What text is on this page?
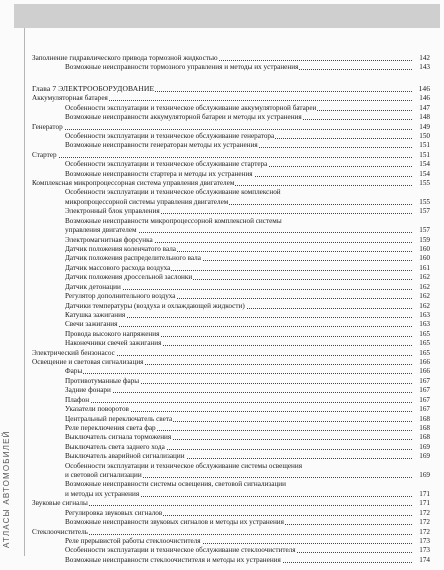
АТЛАСЫ АВТОМОБИЛЕЙ
Заполнение гидравлического привода тормозной жидкостью	142
Возможные неисправности тормозного управления и методы их устранения	143
Глава 7 ЭЛЕКТРООБОРУДОВАНИЕ	146
Аккумуляторная батарея	146
Особенности эксплуатации и техническое обслуживание аккумуляторной батареи	147
Возможные неисправности аккумуляторной батареи и методы их устранения	148
Генератор	149
Особенности эксплуатации и техническое обслуживание генератора	150
Возможные неисправности генераторан методы их устранения	151
Стартер	151
Особенности эксплуатации и техническое обслуживание стартера	154
Возможные неисправности стартера и методы их устранения	154
Комплексная микропроцессорная система управления двигателем	155
Особенности эксплуатации и техническое обслуживание комплексной
микропроцессорной системы управления двигателем	155
Электронный блок управления	157
Возможные неисправности микропроцессорной комплексной системы
управления двигателем	157
Электромагнитная форсунка	159
Датчик положения коленчатого вала	160
Датчик положения распределительного вала	160
Датчик массового расхода воздуха	161
Датчик положения дроссельной заслонки	162
Датчик детонации	162
Регулятор дополнительного воздуха	162
Датчики температуры (воздуха и охлаждающей жидкости)	162
Катушка зажигания	163
Свечи зажигания	163
Провода высокого напряжения	165
Наконечники свечей зажигания	165
Электрический бензонасос	165
Освещение и световая сигнализация	166
Фары	166
Противотуманные фары	167
Задние фонари	167
Плафон	167
Указатели поворотов	167
Центральный переключатель света	168
Реле переключения света фар	168
Выключатель сигнала торможения	168
Выключатель света заднего хода	169
Выключатель аварийной сигнализации	169
Особенности эксплуатации и техническое обслуживание системы освещения
и световой сигнализации	169
Возможные неисправности системы освещения, световой сигнализации
и методы их устранения	171
Звуковые сигналы	171
Регулировка звуковых сигналов	172
Возможные неисправности звуковых сигналов и методы их устранения	172
Стеклоочиститель	172
Реле прерывистой работы стеклоочистителя	173
Особенности эксплуатации и техническое обслуживание стеклоочистителя	173
Возможные неисправности стеклоочистителя и методы их устранения	174
